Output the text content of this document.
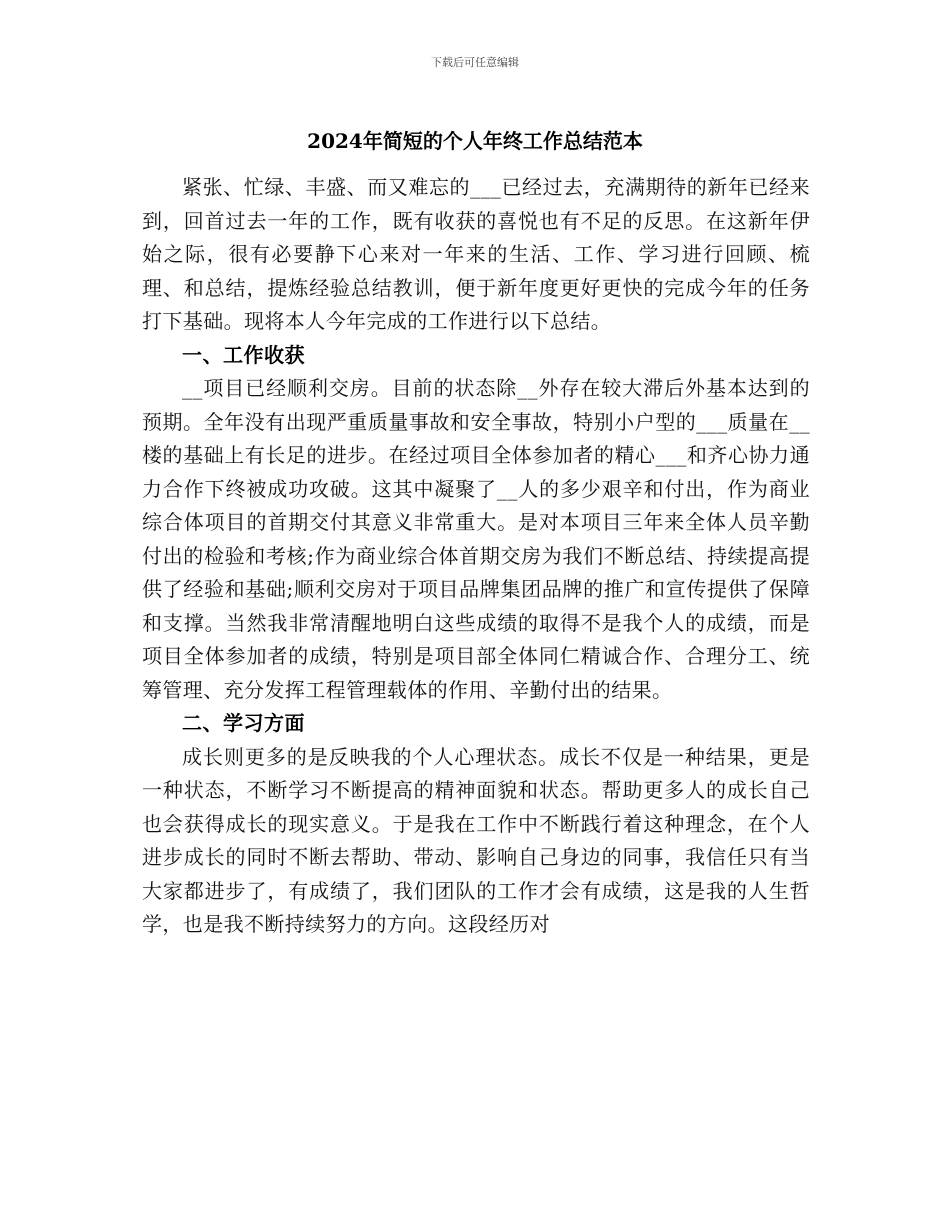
下载后可任意编辑
2024年简短的个人年终工作总结范本

紧张、忙绿、丰盛、而又难忘的___已经过去，充满期待的新年已经来到，回首过去一年的工作，既有收获的喜悦也有不足的反思。在这新年伊始之际，很有必要静下心来对一年来的生活、工作、学习进行回顾、梳理、和总结，提炼经验总结教训，便于新年度更好更快的完成今年的任务打下基础。现将本人今年完成的工作进行以下总结。

一、工作收获

__项目已经顺利交房。目前的状态除__外存在较大滞后外基本达到的预期。全年没有出现严重质量事故和安全事故，特别小户型的___质量在__楼的基础上有长足的进步。在经过项目全体参加者的精心___和齐心协力通力合作下终被成功攻破。这其中凝聚了__人的多少艰辛和付出，作为商业综合体项目的首期交付其意义非常重大。是对本项目三年来全体人员辛勤付出的检验和考核;作为商业综合体首期交房为我们不断总结、持续提高提供了经验和基础;顺利交房对于项目品牌集团品牌的推广和宣传提供了保障和支撑。当然我非常清醒地明白这些成绩的取得不是我个人的成绩，而是项目全体参加者的成绩，特别是项目部全体同仁精诚合作、合理分工、统筹管理、充分发挥工程管理载体的作用、辛勤付出的结果。

二、学习方面

成长则更多的是反映我的个人心理状态。成长不仅是一种结果，更是一种状态，不断学习不断提高的精神面貌和状态。帮助更多人的成长自己也会获得成长的现实意义。于是我在工作中不断践行着这种理念，在个人进步成长的同时不断去帮助、带动、影响自己身边的同事，我信任只有当大家都进步了，有成绩了，我们团队的工作才会有成绩，这是我的人生哲学，也是我不断持续努力的方向。这段经历对
